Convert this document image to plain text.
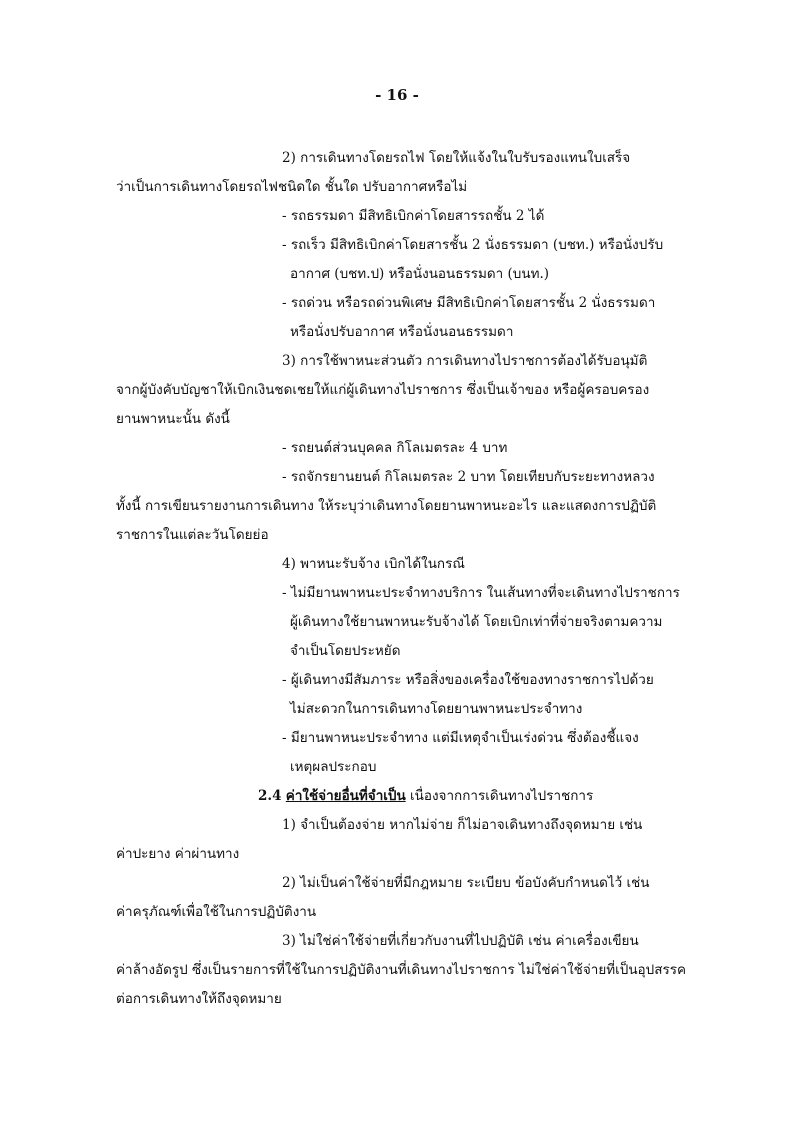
- 16 -
2) การเดินทางโดยรถไฟ โดยให้แจ้งในใบรับรองแทนใบเสร็จ
ว่าเป็นการเดินทางโดยรถไฟชนิดใด ชั้นใด ปรับอากาศหรือไม่
- รถธรรมดา มีสิทธิเบิกค่าโดยสารรถชั้น 2 ได้
- รถเร็ว มีสิทธิเบิกค่าโดยสารชั้น 2 นั่งธรรมดา (บชท.) หรือนั่งปรับ
อากาศ (บชท.ป) หรือนั่งนอนธรรมดา (บนท.)
- รถด่วน หรือรถด่วนพิเศษ มีสิทธิเบิกค่าโดยสารชั้น 2 นั่งธรรมดา
หรือนั่งปรับอากาศ หรือนั่งนอนธรรมดา
3) การใช้พาหนะส่วนตัว การเดินทางไปราชการต้องได้รับอนุมัติ
จากผู้บังคับบัญชาให้เบิกเงินชดเชยให้แก่ผู้เดินทางไปราชการ ซึ่งเป็นเจ้าของ หรือผู้ครอบครอง
ยานพาหนะนั้น ดังนี้
- รถยนต์ส่วนบุคคล กิโลเมตรละ 4 บาท
- รถจักรยานยนต์ กิโลเมตรละ 2 บาท โดยเทียบกับระยะทางหลวง
ทั้งนี้ การเขียนรายงานการเดินทาง ให้ระบุว่าเดินทางโดยยานพาหนะอะไร และแสดงการปฏิบัติ
ราชการในแต่ละวันโดยย่อ
4) พาหนะรับจ้าง เบิกได้ในกรณี
- ไม่มียานพาหนะประจำทางบริการ ในเส้นทางที่จะเดินทางไปราชการ
ผู้เดินทางใช้ยานพาหนะรับจ้างได้ โดยเบิกเท่าที่จ่ายจริงตามความ
จำเป็นโดยประหยัด
- ผู้เดินทางมีสัมภาระ หรือสิ่งของเครื่องใช้ของทางราชการไปด้วย
ไม่สะดวกในการเดินทางโดยยานพาหนะประจำทาง
- มียานพาหนะประจำทาง แต่มีเหตุจำเป็นเร่งด่วน ซึ่งต้องชี้แจง
เหตุผลประกอบ
2.4 ค่าใช้จ่ายอื่นที่จำเป็น เนื่องจากการเดินทางไปราชการ
1) จำเป็นต้องจ่าย หากไม่จ่าย ก็ไม่อาจเดินทางถึงจุดหมาย เช่น
ค่าปะยาง ค่าผ่านทาง
2) ไม่เป็นค่าใช้จ่ายที่มีกฎหมาย ระเบียบ ข้อบังคับกำหนดไว้ เช่น
ค่าครุภัณฑ์เพื่อใช้ในการปฏิบัติงาน
3) ไม่ใช่ค่าใช้จ่ายที่เกี่ยวกับงานที่ไปปฏิบัติ เช่น ค่าเครื่องเขียน
ค่าล้างอัดรูป ซึ่งเป็นรายการที่ใช้ในการปฏิบัติงานที่เดินทางไปราชการ ไม่ใช่ค่าใช้จ่ายที่เป็นอุปสรรค
ต่อการเดินทางให้ถึงจุดหมาย
